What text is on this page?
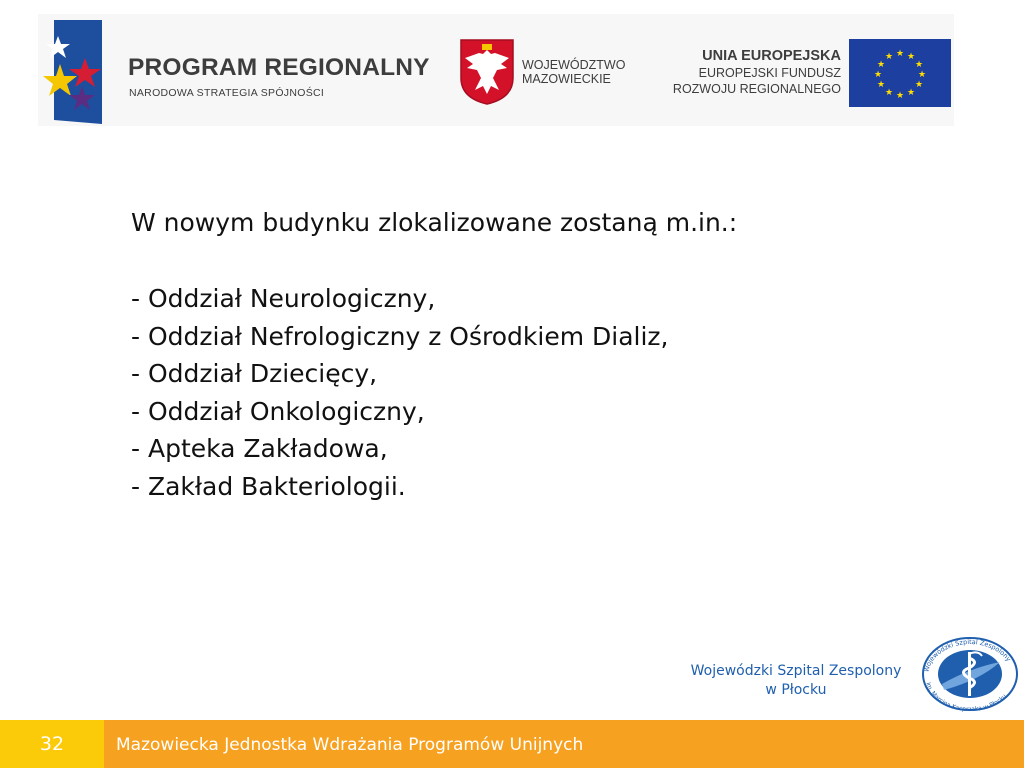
PROGRAM REGIONALNY
NARODOWA STRATEGIA SPÓJNOŚCI
WOJEWÓDZTWO
MAZOWIECKIE
UNIA EUROPEJSKA
EUROPEJSKI FUNDUSZ
ROZWOJU REGIONALNEGO
★ ★
★
★
★
★
★
★
★
★
★
★
W nowym budynku zlokalizowane zostaną m.in.:
- Oddział Neurologiczny,
- Oddział Nefrologiczny z Ośrodkiem Dializ,
- Oddział Dziecięcy,
- Oddział Onkologiczny,
- Apteka Zakładowa,
- Zakład Bakteriologii.
Wojewódzki Szpital Zespolony
w Płocku
Wojewódzki Szpital Zespolony
im. Marcina Kacprzaka w Płocku
32	Mazowiecka Jednostka Wdrażania Programów Unijnych
